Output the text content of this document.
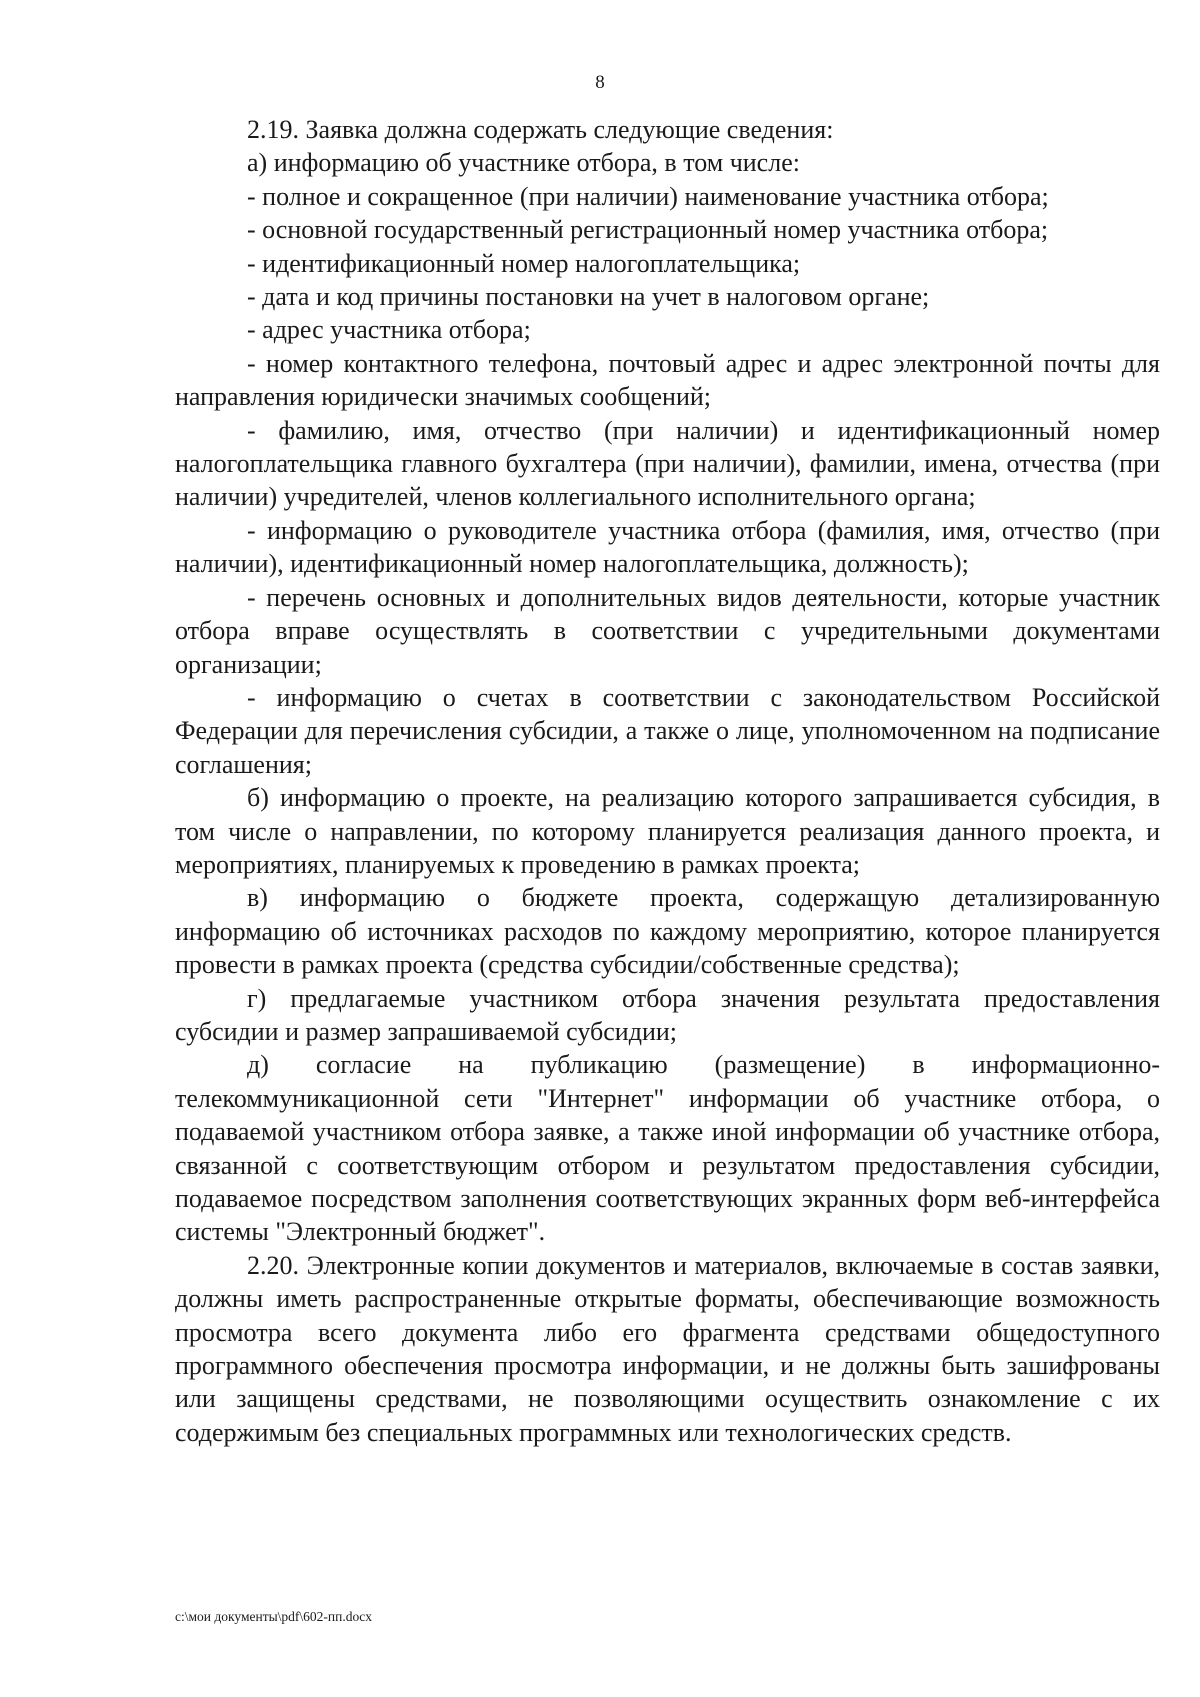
8

2.19. Заявка должна содержать следующие сведения:

а) информацию об участнике отбора, в том числе:

- полное и сокращенное (при наличии) наименование участника отбора;

- основной государственный регистрационный номер участника отбора;

- идентификационный номер налогоплательщика;

- дата и код причины постановки на учет в налоговом органе;

- адрес участника отбора;

- номер контактного телефона, почтовый адрес и адрес электронной почты для направления юридически значимых сообщений;

- фамилию, имя, отчество (при наличии) и идентификационный номер налогоплательщика главного бухгалтера (при наличии), фамилии, имена, отчества (при наличии) учредителей, членов коллегиального исполнительного органа;

- информацию о руководителе участника отбора (фамилия, имя, отчество (при наличии), идентификационный номер налогоплательщика, должность);

- перечень основных и дополнительных видов деятельности, которые участник отбора вправе осуществлять в соответствии с учредительными документами организации;

- информацию о счетах в соответствии с законодательством Российской Федерации для перечисления субсидии, а также о лице, уполномоченном на подписание соглашения;

б) информацию о проекте, на реализацию которого запрашивается субсидия, в том числе о направлении, по которому планируется реализация данного проекта, и мероприятиях, планируемых к проведению в рамках проекта;

в) информацию о бюджете проекта, содержащую детализированную информацию об источниках расходов по каждому мероприятию, которое планируется провести в рамках проекта (средства субсидии/собственные средства);

г) предлагаемые участником отбора значения результата предоставления субсидии и размер запрашиваемой субсидии;

д) согласие на публикацию (размещение) в информационно-телекоммуникационной сети "Интернет" информации об участнике отбора, о подаваемой участником отбора заявке, а также иной информации об участнике отбора, связанной с соответствующим отбором и результатом предоставления субсидии, подаваемое посредством заполнения соответствующих экранных форм веб-интерфейса системы "Электронный бюджет".

2.20. Электронные копии документов и материалов, включаемые в состав заявки, должны иметь распространенные открытые форматы, обеспечивающие возможность просмотра всего документа либо его фрагмента средствами общедоступного программного обеспечения просмотра информации, и не должны быть зашифрованы или защищены средствами, не позволяющими осуществить ознакомление с их содержимым без специальных программных или технологических средств.

c:\мои документы\pdf\602-пп.docx
